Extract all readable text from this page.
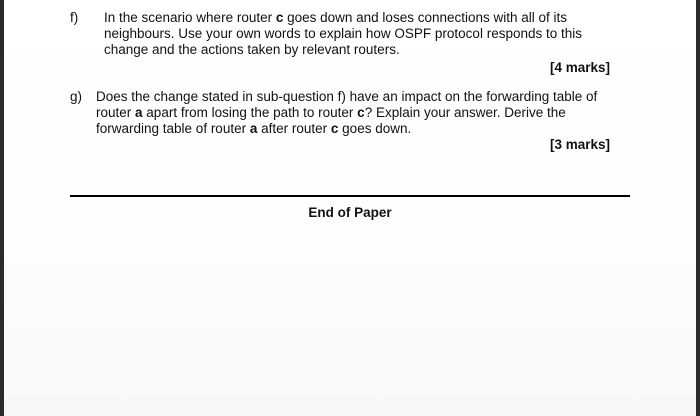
f) In the scenario where router c goes down and loses connections with all of its

neighbours. Use your own words to explain how OSPF protocol responds to this

change and the actions taken by relevant routers.

[4 marks]
g) Does the change stated in sub-question f) have an impact on the forwarding table of

router a apart from losing the path to router c? Explain your answer. Derive the

forwarding table of router a after router c goes down.

[3 marks]
End of Paper
